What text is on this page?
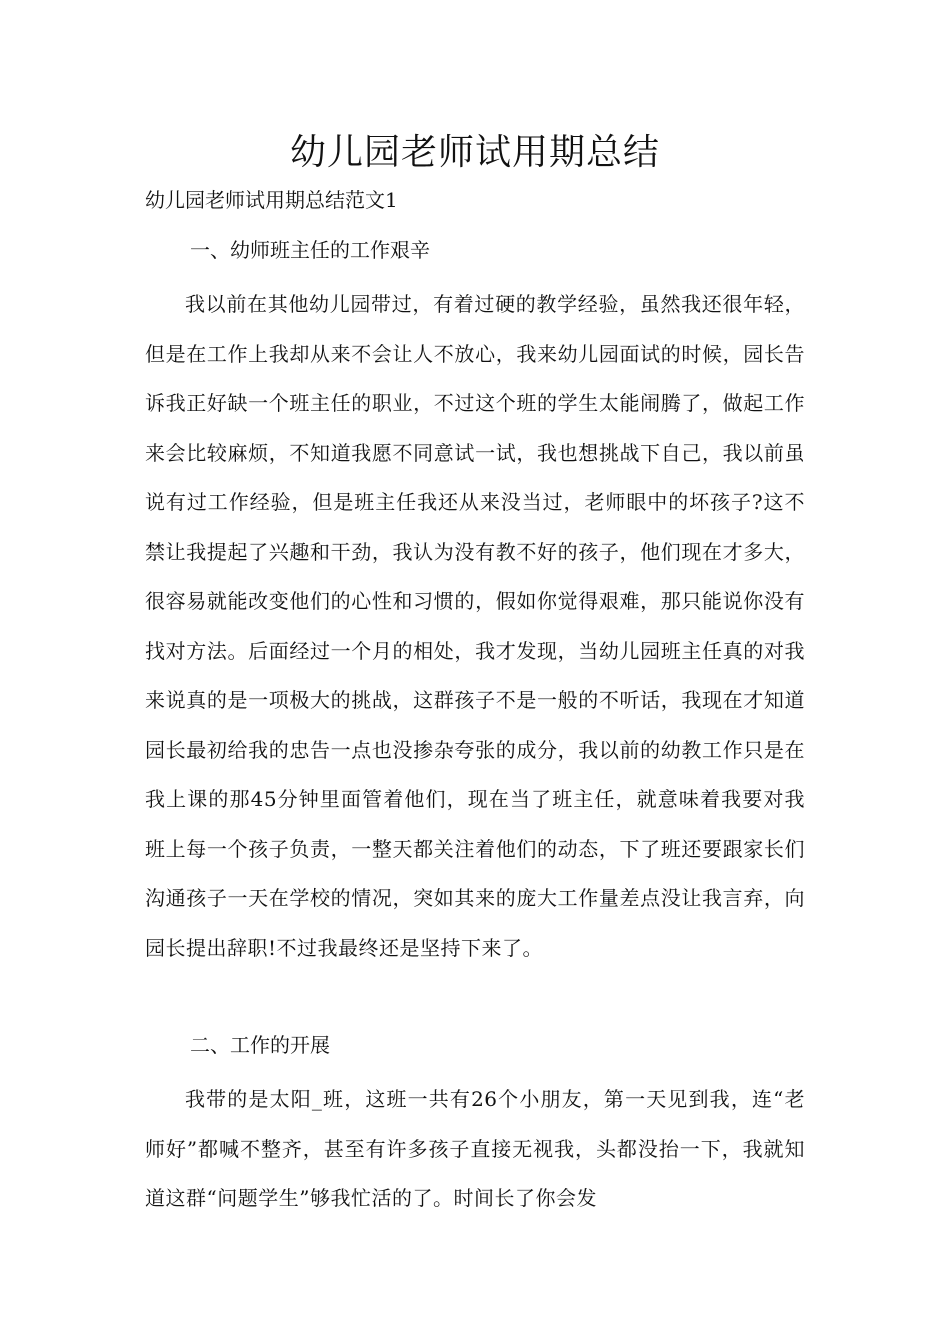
幼儿园老师试用期总结

幼儿园老师试用期总结范文1

一、幼师班主任的工作艰辛

我以前在其他幼儿园带过，有着过硬的教学经验，虽然我还很年轻，但是在工作上我却从来不会让人不放心，我来幼儿园面试的时候，园长告诉我正好缺一个班主任的职业，不过这个班的学生太能闹腾了，做起工作来会比较麻烦，不知道我愿不同意试一试，我也想挑战下自己，我以前虽说有过工作经验，但是班主任我还从来没当过，老师眼中的坏孩子?这不禁让我提起了兴趣和干劲，我认为没有教不好的孩子，他们现在才多大，很容易就能改变他们的心性和习惯的，假如你觉得艰难，那只能说你没有找对方法。后面经过一个月的相处，我才发现，当幼儿园班主任真的对我来说真的是一项极大的挑战，这群孩子不是一般的不听话，我现在才知道园长最初给我的忠告一点也没掺杂夸张的成分，我以前的幼教工作只是在我上课的那45分钟里面管着他们，现在当了班主任，就意味着我要对我班上每一个孩子负责，一整天都关注着他们的动态，下了班还要跟家长们沟通孩子一天在学校的情况，突如其来的庞大工作量差点没让我言弃，向园长提出辞职!不过我最终还是坚持下来了。

二、工作的开展

我带的是太阳_班，这班一共有26个小朋友，第一天见到我，连“老师好”都喊不整齐，甚至有许多孩子直接无视我，头都没抬一下，我就知道这群“问题学生”够我忙活的了。时间长了你会发
